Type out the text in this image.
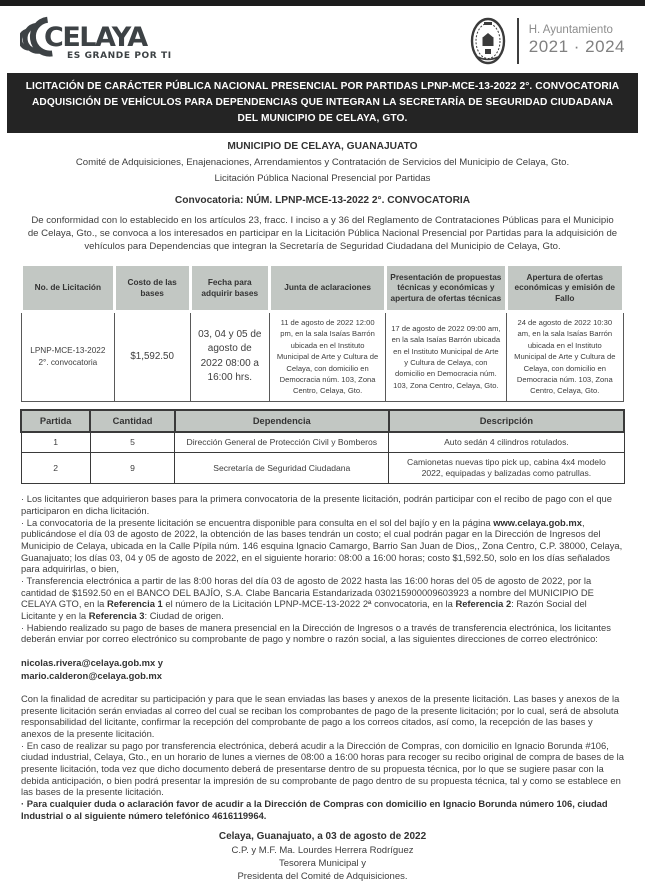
CELAYA
ES GRANDE POR TI
H. Ayuntamiento
2021 · 2024
LICITACIÓN DE CARÁCTER PÚBLICA NACIONAL PRESENCIAL POR PARTIDAS LPNP-MCE-13-2022 2°. CONVOCATORIA ADQUISICIÓN DE VEHÍCULOS PARA DEPENDENCIAS QUE INTEGRAN LA SECRETARÍA DE SEGURIDAD CIUDADANA DEL MUNICIPIO DE CELAYA, GTO.
MUNICIPIO DE CELAYA, GUANAJUATO
Comité de Adquisiciones, Enajenaciones, Arrendamientos y Contratación de Servicios del Municipio de Celaya, Gto.
Licitación Pública Nacional Presencial por Partidas
Convocatoria: NÚM. LPNP-MCE-13-2022 2°. CONVOCATORIA
De conformidad con lo establecido en los artículos 23, fracc. I inciso a y 36 del Reglamento de Contrataciones Públicas para el Municipio de Celaya, Gto., se convoca a los interesados en participar en la Licitación Pública Nacional Presencial por Partidas para la adquisición de vehículos para Dependencias que integran la Secretaría de Seguridad Ciudadana del Municipio de Celaya, Gto.
No. de Licitación	Costo de las bases	Fecha para adquirir bases	Junta de aclaraciones	Presentación de propuestas técnicas y económicas y apertura de ofertas técnicas	Apertura de ofertas económicas y emisión de Fallo
LPNP-MCE-13-2022 2°. convocatoria	$1,592.50	03, 04 y 05 de agosto de 2022 08:00 a 16:00 hrs.	11 de agosto de 2022 12:00 pm, en la sala Isaías Barrón ubicada en el Instituto Municipal de Arte y Cultura de Celaya, con domicilio en Democracia núm. 103, Zona Centro, Celaya, Gto.	17 de agosto de 2022 09:00 am, en la sala Isaías Barrón ubicada en el Instituto Municipal de Arte y Cultura de Celaya, con domicilio en Democracia núm. 103, Zona Centro, Celaya, Gto.	24 de agosto de 2022 10:30 am, en la sala Isaías Barrón ubicada en el Instituto Municipal de Arte y Cultura de Celaya, con domicilio en Democracia núm. 103, Zona Centro, Celaya, Gto.
Partida	Cantidad	Dependencia	Descripción
1	5	Dirección General de Protección Civil y Bomberos	Auto sedán 4 cilindros rotulados.
2	9	Secretaría de Seguridad Ciudadana	Camionetas nuevas tipo pick up, cabina 4x4 modelo 2022, equipadas y balizadas como patrullas.
· Los licitantes que adquirieron bases para la primera convocatoria de la presente licitación, podrán participar con el recibo de pago con el que participaron en dicha licitación.
· La convocatoria de la presente licitación se encuentra disponible para consulta en el sol del bajío y en la página www.celaya.gob.mx, publicándose el día 03 de agosto de 2022, la obtención de las bases tendrán un costo; el cual podrán pagar en la Dirección de Ingresos del Municipio de Celaya, ubicada en la Calle Pípila núm. 146 esquina Ignacio Camargo, Barrio San Juan de Dios,, Zona Centro, C.P. 38000, Celaya, Guanajuato; los días 03, 04 y 05 de agosto de 2022, en el siguiente horario: 08:00 a 16:00 horas; costo $1,592.50, solo en los días señalados para adquirirlas, o bien,
· Transferencia electrónica a partir de las 8:00 horas del día 03 de agosto de 2022 hasta las 16:00 horas del 05 de agosto de 2022, por la cantidad de $1592.50 en el BANCO DEL BAJÍO, S.A. Clabe Bancaria Estandarizada 030215900009603923 a nombre del MUNICIPIO DE CELAYA GTO, en la Referencia 1 el número de la Licitación LPNP-MCE-13-2022 2ª convocatoria, en la Referencia 2: Razón Social del Licitante y en la Referencia 3: Ciudad de origen.
· Habiendo realizado su pago de bases de manera presencial en la Dirección de Ingresos o a través de transferencia electrónica, los licitantes deberán enviar por correo electrónico su comprobante de pago y nombre o razón social, a las siguientes direcciones de correo electrónico:
nicolas.rivera@celaya.gob.mx y
mario.calderon@celaya.gob.mx
Con la finalidad de acreditar su participación y para que le sean enviadas las bases y anexos de la presente licitación. Las bases y anexos de la presente licitación serán enviadas al correo del cual se reciban los comprobantes de pago de la presente licitación; por lo cual, será de absoluta responsabilidad del licitante, confirmar la recepción del comprobante de pago a los correos citados, así como, la recepción de las bases y anexos de la presente licitación.
· En caso de realizar su pago por transferencia electrónica, deberá acudir a la Dirección de Compras, con domicilio en Ignacio Borunda #106, ciudad industrial, Celaya, Gto., en un horario de lunes a viernes de 08:00 a 16:00 horas para recoger su recibo original de compra de bases de la presente licitación, toda vez que dicho documento deberá de presentarse dentro de su propuesta técnica, por lo que se sugiere pasar con la debida anticipación, o bien podrá presentar la impresión de su comprobante de pago dentro de su propuesta técnica, tal y como se establece en las bases de la presente licitación.
· Para cualquier duda o aclaración favor de acudir a la Dirección de Compras con domicilio en Ignacio Borunda número 106, ciudad Industrial o al siguiente número telefónico 4616119964.
Celaya, Guanajuato, a 03 de agosto de 2022
C.P. y M.F. Ma. Lourdes Herrera Rodríguez
Tesorera Municipal y
Presidenta del Comité de Adquisiciones.
